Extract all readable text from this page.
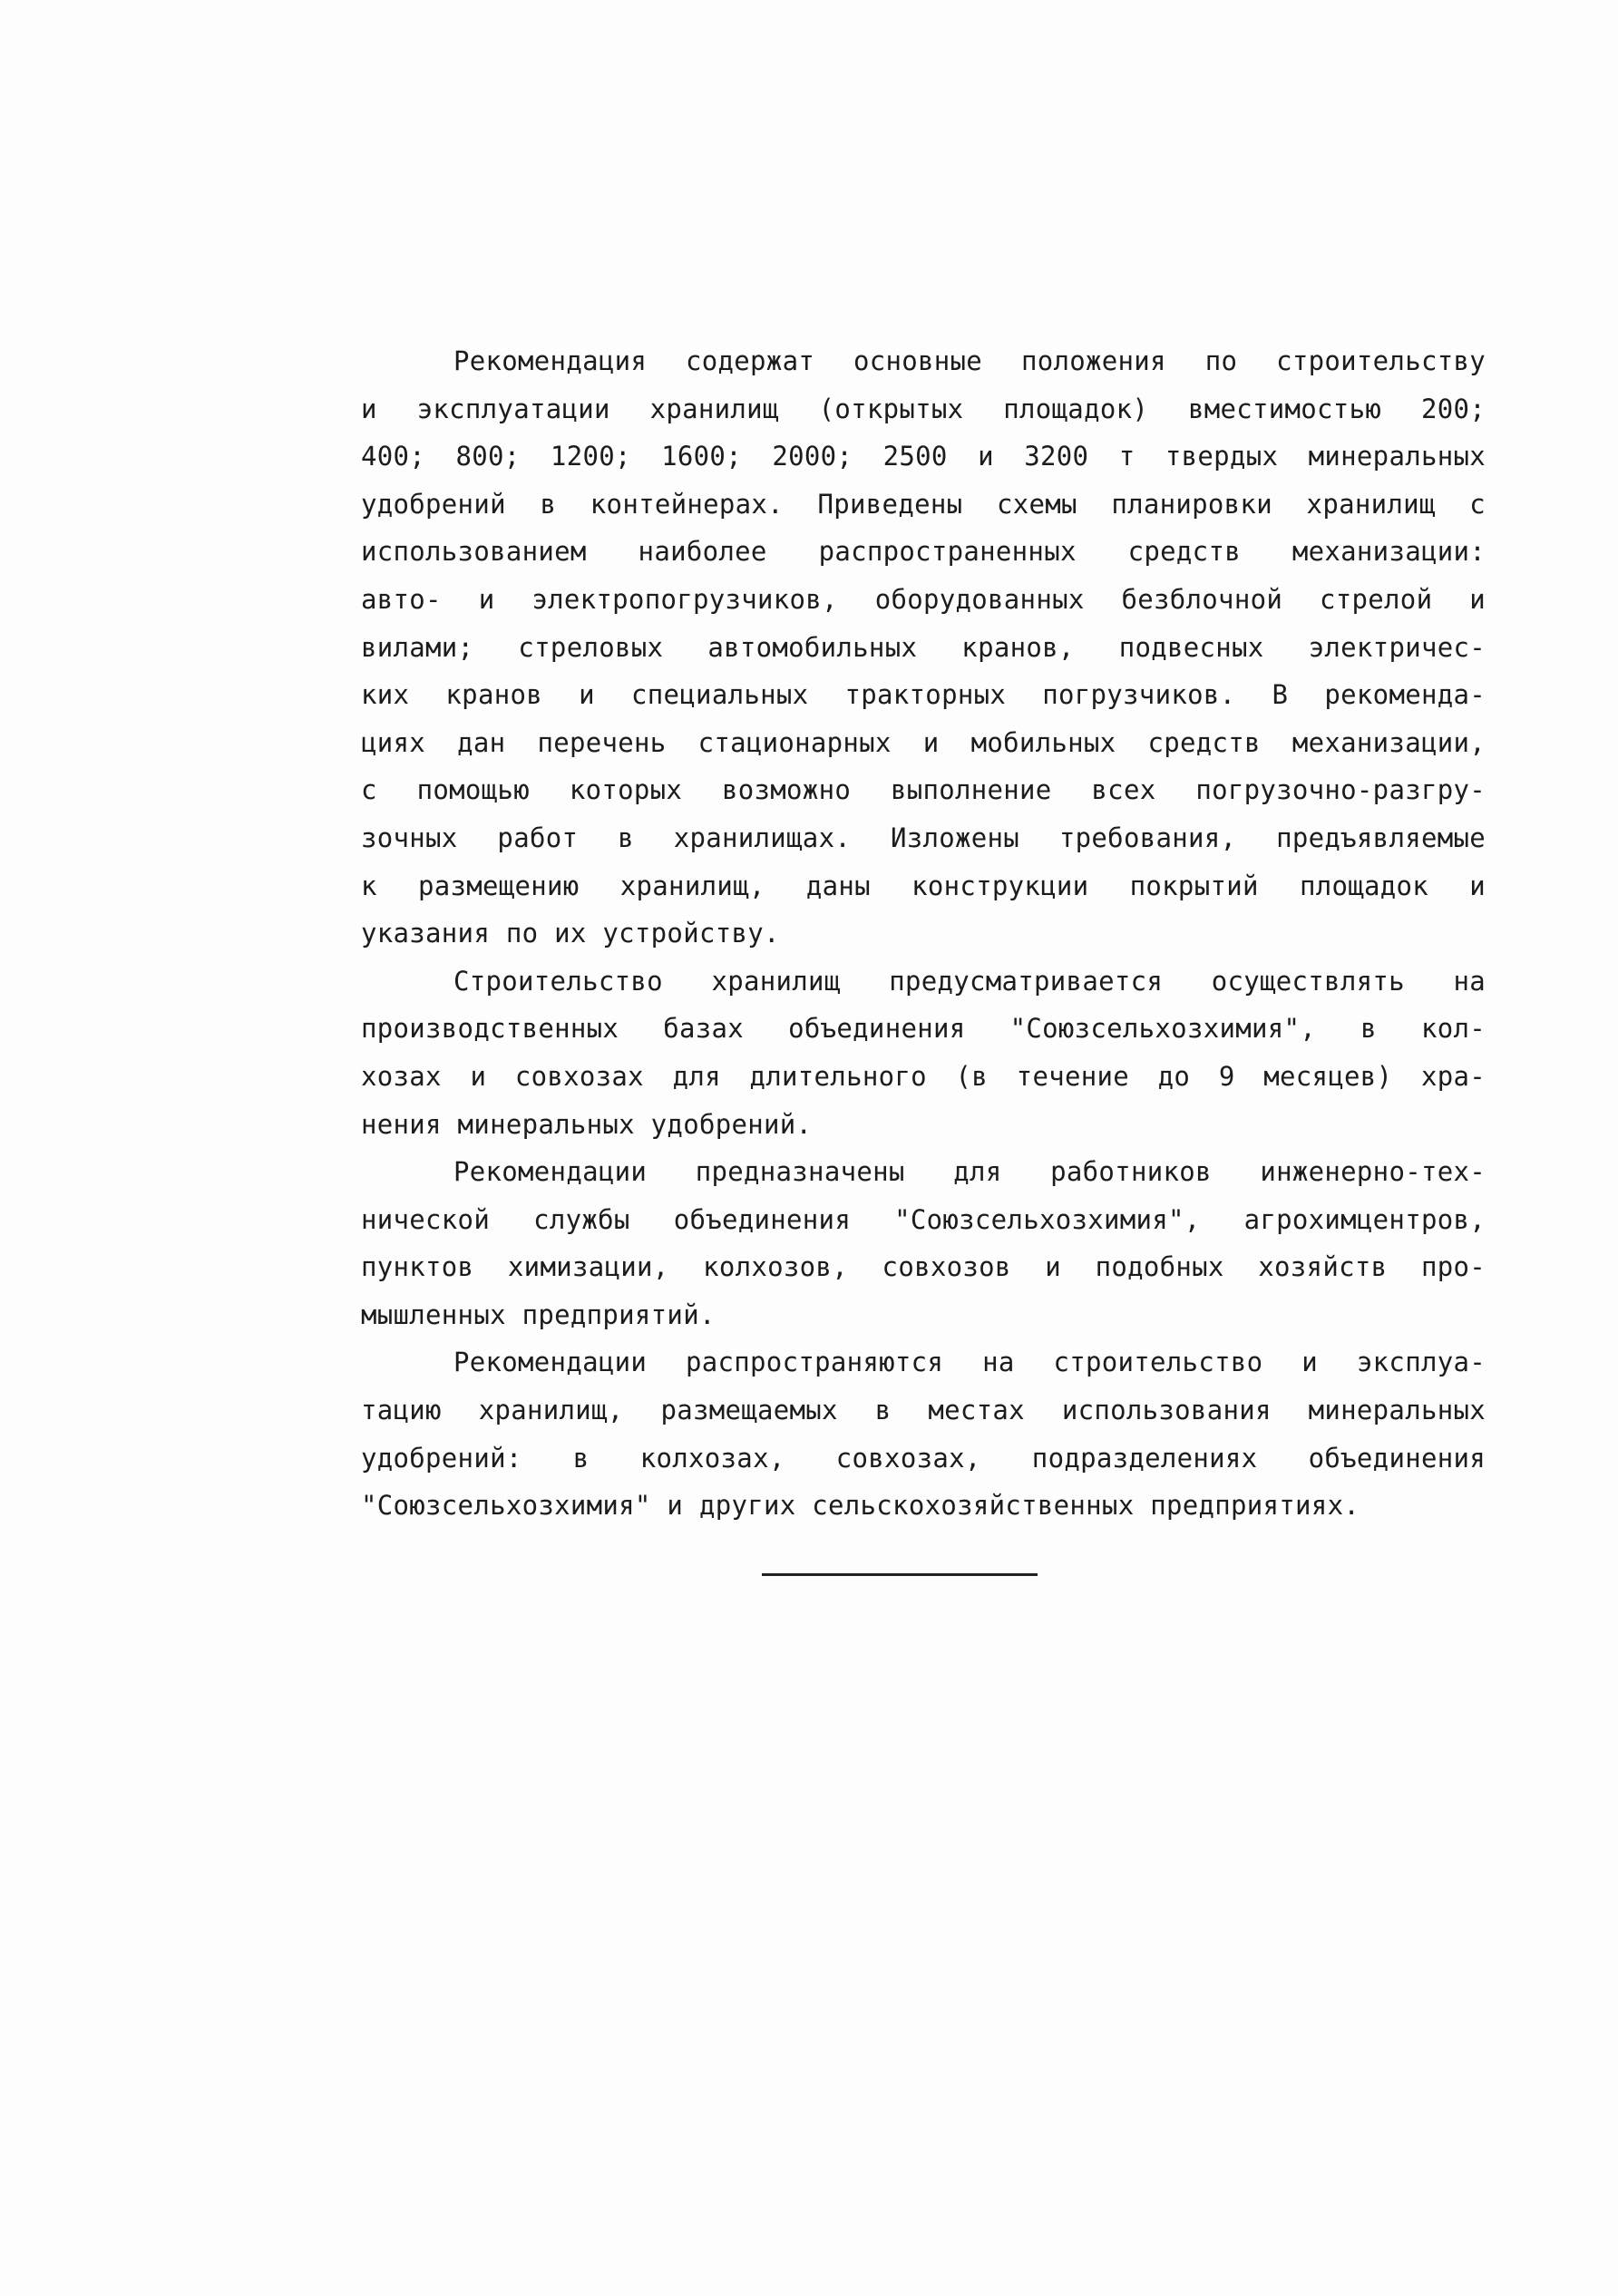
Рекомендация содержат основные положения по строительству
и эксплуатации хранилищ (открытых площадок) вместимостью 200;
400; 800; 1200; 1600; 2000; 2500 и 3200 т твердых минеральных
удобрений в контейнерах. Приведены схемы планировки хранилищ с
использованием наиболее распространенных средств механизации:
авто- и электропогрузчиков, оборудованных безблочной стрелой и
вилами; стреловых автомобильных кранов, подвесных электричес-
ких кранов и специальных тракторных погрузчиков. В рекоменда-
циях дан перечень стационарных и мобильных средств механизации,
с помощью которых возможно выполнение всех погрузочно-разгру-
зочных работ в хранилищах. Изложены требования, предъявляемые
к размещению хранилищ, даны конструкции покрытий площадок и
указания по их устройству.

Строительство хранилищ предусматривается осуществлять на
производственных базах объединения "Союзсельхозхимия", в кол-
хозах и совхозах для длительного (в течение до 9 месяцев) хра-
нения минеральных удобрений.

Рекомендации предназначены для работников инженерно-тех-
нической службы объединения "Союзсельхозхимия", агрохимцентров,
пунктов химизации, колхозов, совхозов и подобных хозяйств про-
мышленных предприятий.

Рекомендации распространяются на строительство и эксплуа-
тацию хранилищ, размещаемых в местах использования минеральных
удобрений: в колхозах, совхозах, подразделениях объединения
"Союзсельхозхимия" и других сельскохозяйственных предприятиях.
